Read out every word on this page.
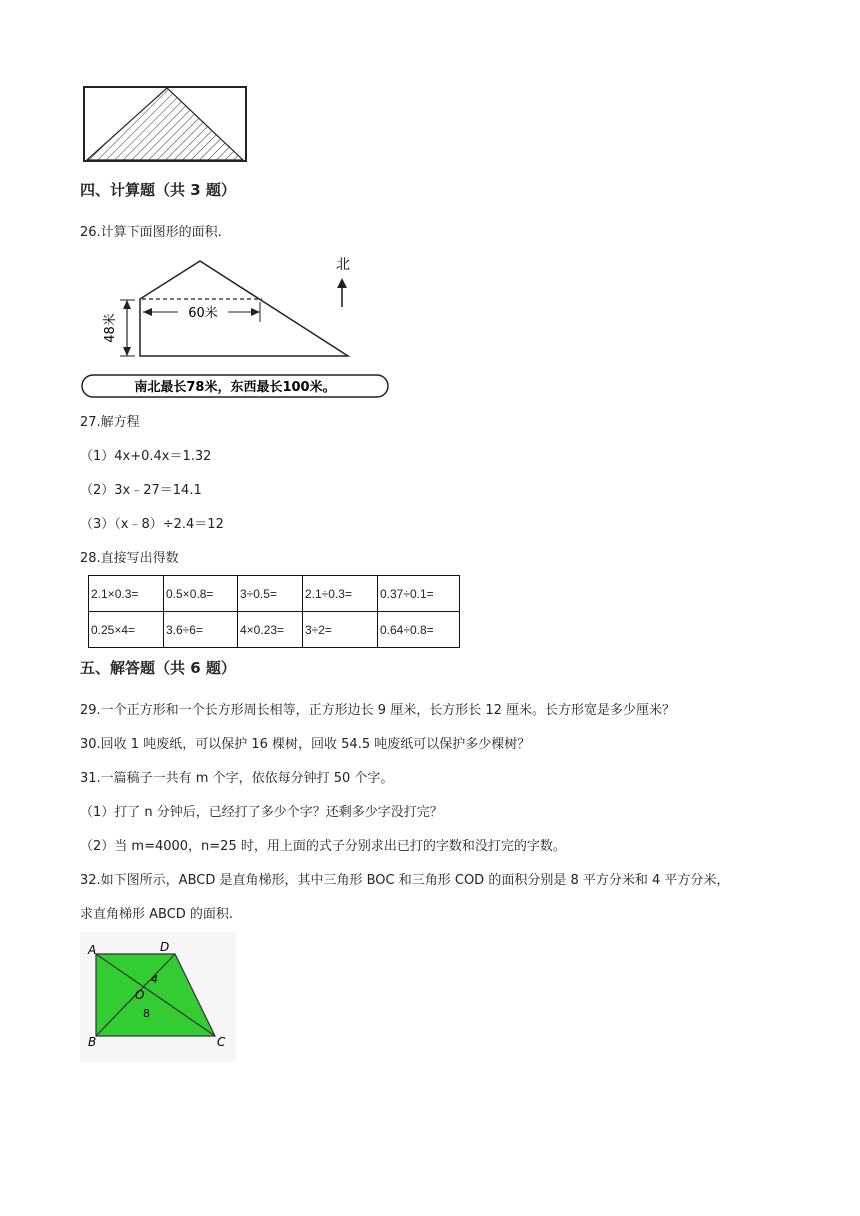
四、计算题（共 3 题）
26.计算下面图形的面积.
60米
48米
北
南北最长78米，东西最长100米。
27.解方程
（1）4x+0.4x＝1.32
（2）3x﹣27＝14.1
（3）（x﹣8）÷2.4＝12
28.直接写出得数
2.1×0.3=	0.5×0.8=	3÷0.5=	2.1÷0.3=	0.37÷0.1=
0.25×4=	3.6÷6=	4×0.23=	3÷2=	0.64÷0.8=
五、解答题（共 6 题）
29.一个正方形和一个长方形周长相等，正方形边长 9 厘米，长方形长 12 厘米。长方形宽是多少厘米？
30.回收 1 吨废纸，可以保护 16 棵树，回收 54.5 吨废纸可以保护多少棵树？
31.一篇稿子一共有 m 个字，依依每分钟打 50 个字。
（1）打了 n 分钟后，已经打了多少个字？还剩多少字没打完？
（2）当 m=4000，n=25 时，用上面的式子分别求出已打的字数和没打完的字数。
32.如下图所示，ABCD 是直角梯形，其中三角形 BOC 和三角形 COD 的面积分别是 8 平方分米和 4 平方分米，
求直角梯形 ABCD 的面积.
A	D
B	C
O
4
8
